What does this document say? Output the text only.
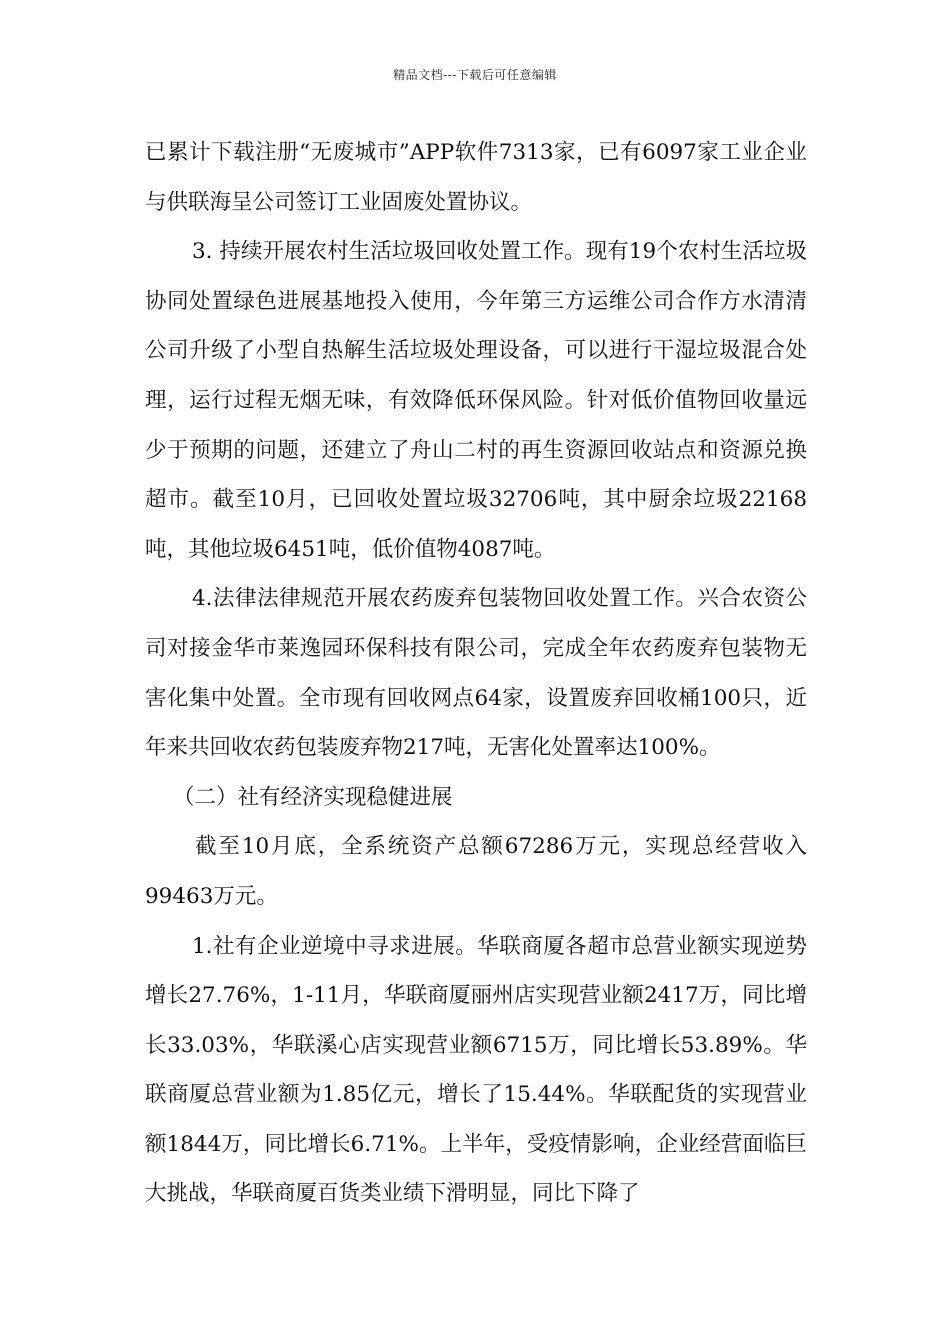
精品文档---下载后可任意编辑

已累计下载注册“无废城市”APP软件7313家，已有6097家工业企业与供联海呈公司签订工业固废处置协议。

3. 持续开展农村生活垃圾回收处置工作。现有19个农村生活垃圾协同处置绿色进展基地投入使用，今年第三方运维公司合作方水清清公司升级了小型自热解生活垃圾处理设备，可以进行干湿垃圾混合处理，运行过程无烟无味，有效降低环保风险。针对低价值物回收量远少于预期的问题，还建立了舟山二村的再生资源回收站点和资源兑换超市。截至10月，已回收处置垃圾32706吨，其中厨余垃圾22168吨，其他垃圾6451吨，低价值物4087吨。

4.法律法律规范开展农药废弃包装物回收处置工作。兴合农资公司对接金华市莱逸园环保科技有限公司，完成全年农药废弃包装物无害化集中处置。全市现有回收网点64家，设置废弃回收桶100只，近年来共回收农药包装废弃物217吨，无害化处置率达100%。

（二）社有经济实现稳健进展

截至10月底，全系统资产总额67286万元，实现总经营收入99463万元。

1.社有企业逆境中寻求进展。华联商厦各超市总营业额实现逆势增长27.76%，1-11月，华联商厦丽州店实现营业额2417万，同比增长33.03%，华联溪心店实现营业额6715万，同比增长53.89%。华联商厦总营业额为1.85亿元，增长了15.44%。华联配货的实现营业额1844万，同比增长6.71%。上半年，受疫情影响，企业经营面临巨大挑战，华联商厦百货类业绩下滑明显，同比下降了
